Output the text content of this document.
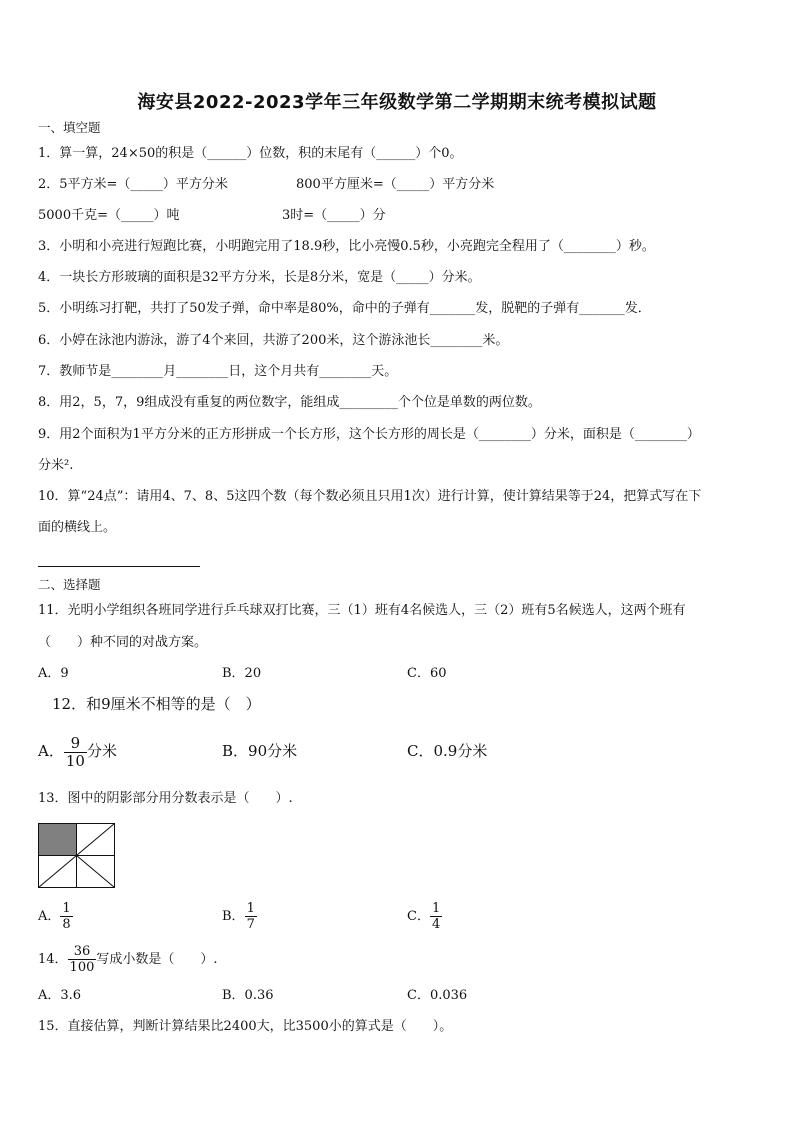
海安县2022-2023学年三年级数学第二学期期末统考模拟试题
一、填空题
1．算一算，24×50的积是（______）位数，积的末尾有（______）个0。
2．5平方米=（_____）平方分米	800平方厘米=（_____）平方分米
5000千克=（_____）吨	3时=（_____）分
3．小明和小亮进行短跑比赛，小明跑完用了18.9秒，比小亮慢0.5秒，小亮跑完全程用了（________）秒。
4．一块长方形玻璃的面积是32平方分米，长是8分米，宽是（_____）分米。
5．小明练习打靶，共打了50发子弹，命中率是80%，命中的子弹有_______发，脱靶的子弹有_______发．
6．小婷在泳池内游泳，游了4个来回，共游了200米，这个游泳池长________米。
7．教师节是________月________日，这个月共有________天。
8．用2，5，7，9组成没有重复的两位数字，能组成_________个个位是单数的两位数。
9．用2个面积为1平方分米的正方形拼成一个长方形，这个长方形的周长是（________）分米，面积是（________）
分米².
10．算“24点”：请用4、7、8、5这四个数（每个数必须且只用1次）进行计算，使计算结果等于24，把算式写在下
面的横线上。
二、选择题
11．光明小学组织各班同学进行乒乓球双打比赛，三（1）班有4名候选人，三（2）班有5名候选人，这两个班有
（　　）种不同的对战方案。
A．9	B．20	C．60
12．和9厘米不相等的是（　）
A． $\frac{9}{10}$ 分米	B．90分米	C．0.9分米
13．图中的阴影部分用分数表示是（　　）.
A． $\frac{1}{8}$	B． $\frac{1}{7}$	C． $\frac{1}{4}$
14． $\frac{36}{100}$ 写成小数是（　　）.
A．3.6	B．0.36	C．0.036
15．直接估算，判断计算结果比2400大，比3500小的算式是（　　）。
